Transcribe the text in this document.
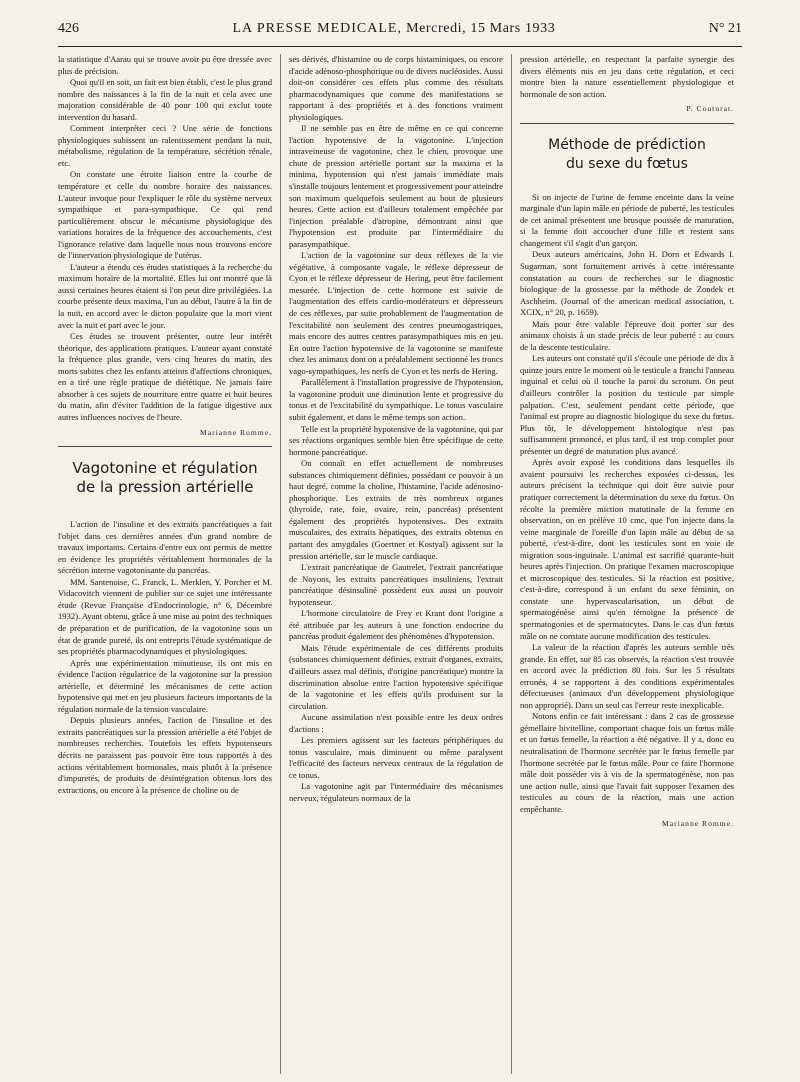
426	LA PRESSE MEDICALE, Mercredi, 15 Mars 1933	N° 21

la statistique d'Aarau qui se trouve avoir pu être dressée avec plus de précision.

Quoi qu'il en soit, un fait est bien établi, c'est le plus grand nombre des naissances à la fin de la nuit et cela avec une majoration considérable de 40 pour 100 qui exclut toute intervention du hasard.

Comment interpréter ceci ? Une série de fonctions physiologiques subissent un ralentissement pendant la nuit, métabolisme, régulation de la température, sécrétion rénale, etc.

On constate une étroite liaison entre la courbe de température et celle du nombre horaire des naissances. L'auteur invoque pour l'expliquer le rôle du système nerveux sympathique et para-sympathique. Ce qui rend particulièrement obscur le mécanisme physiologique des variations horaires de la fréquence des accouchements, c'est l'ignorance relative dans laquelle nous nous trouvons encore de l'innervation physiologique de l'utérus.

L'auteur a étendu ces études statistiques à la recherche du maximum horaire de la mortalité. Elles lui ont montré que là aussi certaines heures étaient si l'on peut dire privilégiées. La courbe présente deux maxima, l'un au début, l'autre à la fin de la nuit, en accord avec le dicton populaire que la mort vient avec la nuit et part avec le jour.

Ces études se trouvent présenter, outre leur intérêt théorique, des applications pratiques. L'auteur ayant constaté la fréquence plus grande, vers cinq heures du matin, des morts subites chez les enfants atteints d'affections chroniques, en a tiré une règle pratique de diététique. Ne jamais faire absorber à ces sujets de nourriture entre quatre et huit heures du matin, afin d'éviter l'addition de la fatigue digestive aux autres influences nocives de l'heure.

Marianne Romme.
Vagotonine et régulation
de la pression artérielle

L'action de l'insuline et des extraits pancréatiques a fait l'objet dans ces dernières années d'un grand nombre de travaux importants. Certains d'entre eux ont permis de mettre en évidence les propriétés véritablement hormonales de la sécrétion interne vagotonisante du pancréas.

MM. Santenoise, C. Franck, L. Merklen, Y. Porcher et M. Vidacovitch viennent de publier sur ce sujet une intéressante étude (Revue Française d'Endocrinologie, n° 6, Décembre 1932). Ayant obtenu, grâce à une mise au point des techniques de préparation et de purification, de la vagotonine sous un état de grande pureté, ils ont entrepris l'étude systématique de ses propriétés pharmacodynamiques et physiologiques.

Après une expérimentation minutieuse, ils ont mis en évidence l'action régulatrice de la vagotonine sur la pression artérielle, et déterminé les mécanismes de cette action hypotensive qui met en jeu plusieurs facteurs importants de la régulation normale de la tension vasculaire.

Depuis plusieurs années, l'action de l'insuline et des extraits pancréatiques sur la pression artérielle a été l'objet de nombreuses recherches. Toutefois les effets hypotenseurs décrits ne paraissent pas pouvoir être tous rapportés à des actions véritablement hormonales, mais plutôt à la présence d'impuretés, de produits de désintégration obtenus lors des extractions, ou encore à la présence de choline ou de

ses dérivés, d'histamine ou de corps histaminiques, ou encore d'acide adénoso-phosphorique ou de divers nucléosides. Aussi doit-on considérer ces effets plus comme des résultats pharmacodynamiques que comme des manifestations se rapportant à des propriétés et à des fonctions vraiment physiologiques.

Il ne semble pas en être de même en ce qui concerne l'action hypotensive de la vagotonine. L'injection intraveineuse de vagotonine, chez le chien, provoque une chute de pression artérielle portant sur la maxima et la minima, hypotension qui n'est jamais immédiate mais s'installe toujours lentement et progressivement pour atteindre son maximum quelquefois seulement au bout de plusieurs heures. Cette action est d'ailleurs totalement empêchée par l'injection préalable d'atropine, démontrant ainsi que l'hypotension est produite par l'intermédiaire du parasympathique.

L'action de la vagotonine sur deux réflexes de la vie végétative, à composante vagale, le réflexe dépresseur de Cyon et le réflexe dépresseur de Hering, peut être facilement mesurée. L'injection de cette hormone est suivie de l'augmentation des effets cardio-modérateurs et dépresseurs de ces réflexes, par suite probablement de l'augmentation de l'excitabilité non seulement des centres pneumogastriques, mais encore des autres centres parasympathiques mis en jeu. En outre l'action hypotensive de la vagotonine se manifeste chez les animaux dont on a préalablement sectionné les troncs vago-sympathiques, les nerfs de Cyon et les nerfs de Hering.

Parallèlement à l'installation progressive de l'hypotension, la vagotonine produit une diminution lente et progressive du tonus et de l'excitabilité du sympathique. Le tonus vasculaire subit également, et dans le même temps son action.

Telle est la propriété hypotensive de la vagotonine, qui par ses réactions organiques semble bien être spécifique de cette hormone pancréatique.

On connaît en effet actuellement de nombreuses substances chimiquement définies, possédant ce pouvoir à un haut degré, comme la choline, l'histamine, l'acide adénosino-phosphorique. Les extraits de très nombreux organes (thyroïde, rate, foie, ovaire, rein, pancréas) présentent également des propriétés hypotensives. Des extraits musculaires, des extraits hépatiques, des extraits obtenus en partant des amygdales (Goertner et Kostyal) agissent sur la pression artérielle, sur le muscle cardiaque.

L'extrait pancréatique de Gautrelet, l'extrait pancréatique de Noyons, les extraits pancréatiques insuliniens, l'extrait pancréatique désinsuliné possèdent eux aussi un pouvoir hypotenseur.

L'hormone circulatoire de Frey et Krant dont l'origine a été attribuée par les auteurs à une fonction endocrine du pancréas produit également des phénomènes d'hypotension.

Mais l'étude expérimentale de ces différents produits (substances chimiquement définies, extrait d'organes, extraits, d'ailleurs assez mal définis, d'origine pancréatique) montre la discrimination absolue entre l'action hypotensive spécifique de la vagotonine et les effets qu'ils produisent sur la circulation.

Aucune assimilation n'est possible entre les deux ordres d'actions :

Les premiers agissent sur les facteurs périphériques du tonus vasculaire, mais diminuent ou même paralysent l'efficacité des facteurs nerveux centraux de la régulation de ce tonus.

La vagotonine agit par l'intermédiaire des mécanismes nerveux, régulateurs normaux de la

pression artérielle, en respectant la parfaite synergie des divers éléments mis en jeu dans cette régulation, et ceci montre bien la nature essentiellement physiologique et hormonale de son action.

P. Couturat.
Méthode de prédiction
du sexe du fœtus

Si on injecte de l'urine de femme enceinte dans la veine marginale d'un lapin mâle en période de puberté, les testicules de cet animal présentent une brusque poussée de maturation, si la femme doit accoucher d'une fille et restent sans changement s'il s'agit d'un garçon.

Deux auteurs américains, John H. Dorn et Edwards I. Sugarman, sont fortuitement arrivés à cette intéressante constatation au cours de recherches sur le diagnostic biologique de la grossesse par la méthode de Zondek et Aschheim. (Journal of the american medical association, t. XCIX, n° 20, p. 1659).

Mais pour être valable l'épreuve doit porter sur des animaux choisis à un stade précis de leur puberté : au cours de la descente testiculaire.

Les auteurs ont constaté qu'il s'écoule une période de dix à quinze jours entre le moment où le testicule a franchi l'anneau inguinal et celui où il touche la paroi du scrotum. On peut d'ailleurs contrôler la position du testicule par simple palpation. C'est, seulement pendant cette période, que l'animal est propre au diagnostic biologique du sexe du fœtus. Plus tôt, le développement histologique n'est pas suffisamment prononcé, et plus tard, il est trop complet pour présenter un degré de maturation plus avancé.

Après avoir exposé les conditions dans lesquelles ils avaient poursuivi les recherches exposées ci-dessus, les auteurs précisent la technique qui doit être suivie pour pratiquer correctement la détermination du sexe du fœtus. On récolte la première miction matutinale de la femme en observation, on en prélève 10 cmc, que l'on injecte dans la veine marginale de l'oreille d'un lapin mâle au début de sa puberté, c'est-à-dire, dont les testicules sont en voie de migration sous-inguinale. L'animal est sacrifié quarante-huit heures après l'injection. On pratique l'examen macroscopique et microscopique des testicules. Si la réaction est positive, c'est-à-dire, correspond à un enfant du sexe féminin, on constate une hypervascularisation, un début de spermatogénèse ainsi qu'en témoigne la présence de spermatogonies et de spermatocytes. Dans le cas d'un fœtus mâle on ne constate aucune modification des testicules.

La valeur de la réaction d'après les auteurs semble très grande. En effet, sur 85 cas observés, la réaction s'est trouvée en accord avec la prédiction 80 fois. Sur les 5 résultats erronés, 4 se rapportent à des conditions expérimentales défectueuses (animaux d'un développement physiologique non approprié). Dans un seul cas l'erreur reste inexplicable.

Notons enfin ce fait intéressant : dans 2 cas de grossesse gémellaire bivitelline, comportant chaque fois un fœtus mâle et un fœtus femelle, la réaction a été négative. Il y a, donc eu neutralisation de l'hormone secrétée par le fœtus femelle par l'hormone secrétée par le fœtus mâle. Pour ce faire l'hormone mâle doit posséder vis à vis de la spermatogénèse, non pas une action nulle, ainsi que l'avait fait supposer l'examen des testicules au cours de la réaction, mais une action empêchante.

Marianne Romme.
